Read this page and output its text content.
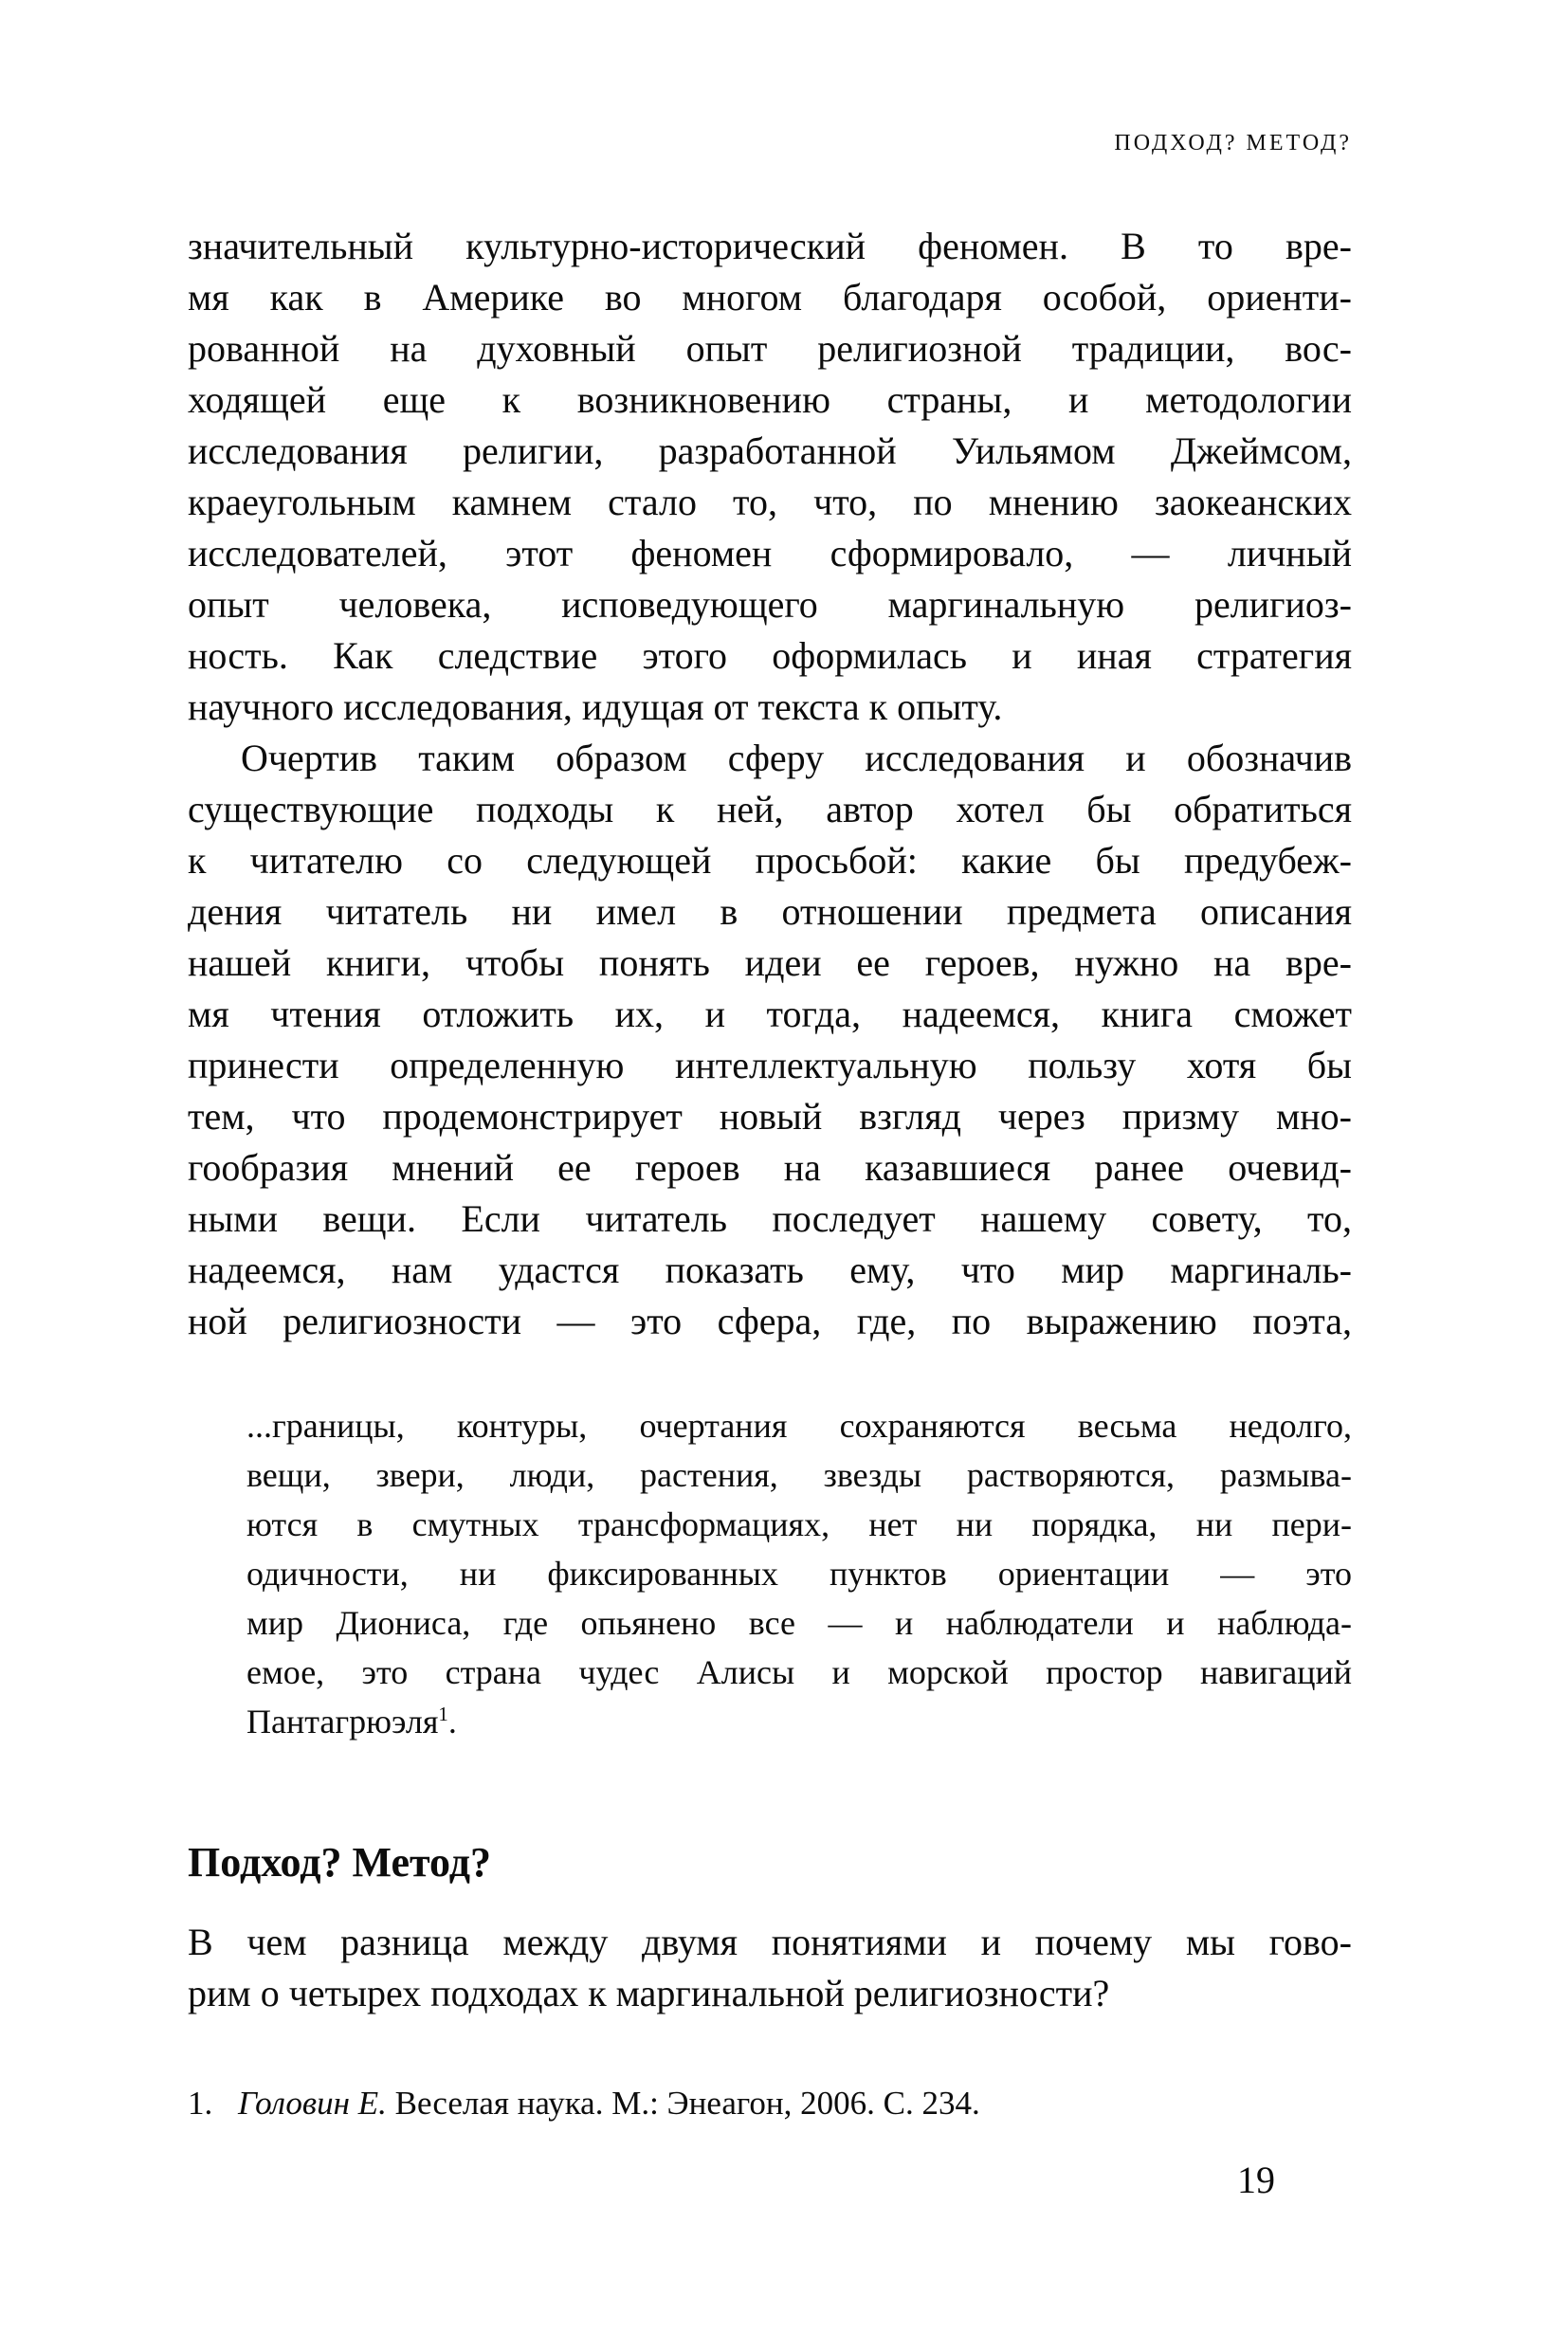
ПОДХОД? МЕТОД?
значительный культурно-исторический феномен. В то вре-
мя как в Америке во многом благодаря особой, ориенти-
рованной на духовный опыт религиозной традиции, вос-
ходящей еще к возникновению страны, и методологии
исследования религии, разработанной Уильямом Джеймсом,
краеугольным камнем стало то, что, по мнению заокеанских
исследователей, этот феномен сформировало, — личный
опыт человека, исповедующего маргинальную религиоз-
ность. Как следствие этого оформилась и иная стратегия
научного исследования, идущая от текста к опыту.
Очертив таким образом сферу исследования и обозначив
существующие подходы к ней, автор хотел бы обратиться
к читателю со следующей просьбой: какие бы предубеж-
дения читатель ни имел в отношении предмета описания
нашей книги, чтобы понять идеи ее героев, нужно на вре-
мя чтения отложить их, и тогда, надеемся, книга сможет
принести определенную интеллектуальную пользу хотя бы
тем, что продемонстрирует новый взгляд через призму мно-
гообразия мнений ее героев на казавшиеся ранее очевид-
ными вещи. Если читатель последует нашему совету, то,
надеемся, нам удастся показать ему, что мир маргиналь-
ной религиозности — это сфера, где, по выражению поэта,
...границы, контуры, очертания сохраняются весьма недолго,
вещи, звери, люди, растения, звезды растворяются, размыва-
ются в смутных трансформациях, нет ни порядка, ни пери-
одичности, ни фиксированных пунктов ориентации — это
мир Диониса, где опьянено все — и наблюдатели и наблюда-
емое, это страна чудес Алисы и морской простор навигаций
Пантагрюэля$^1$.
Подход? Метод?
В чем разница между двумя понятиями и почему мы гово-
рим о четырех подходах к маргинальной религиозности?
1. Головин Е. Веселая наука. М.: Энеагон, 2006. С. 234.
19
